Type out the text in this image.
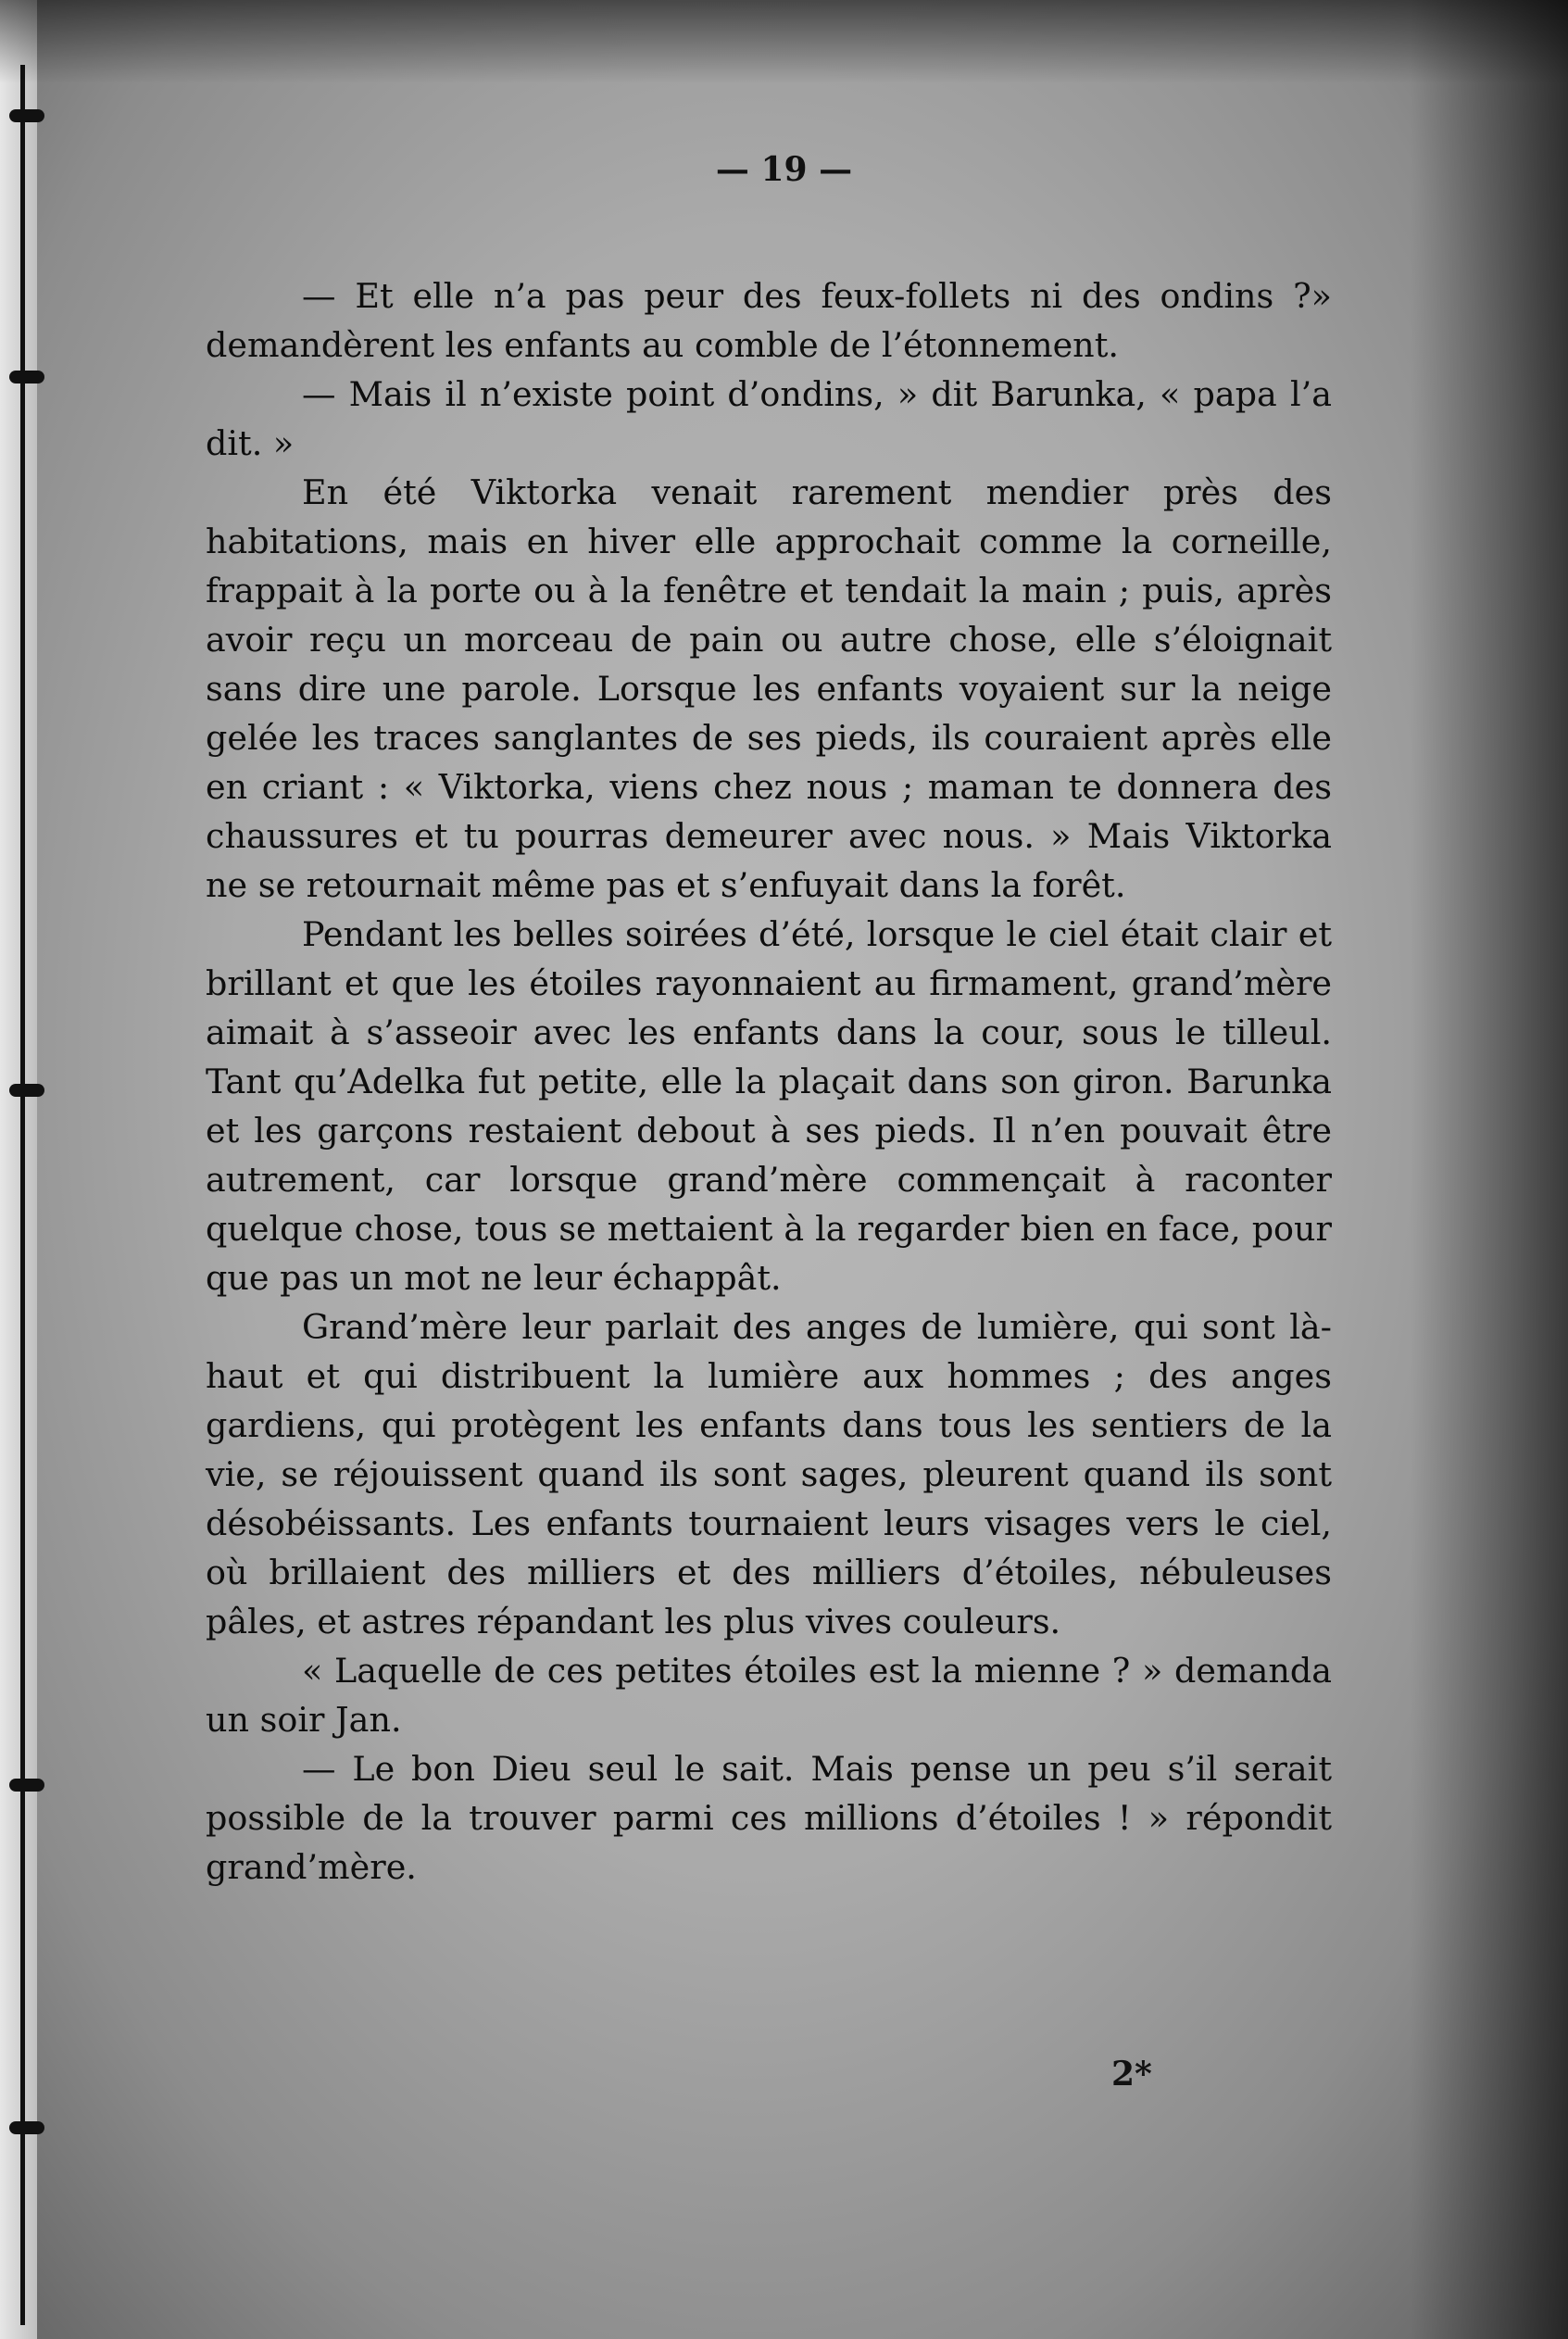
— 19 —

— Et elle n’a pas peur des feux-follets ni des ondins ?» demandèrent les enfants au comble de l’étonnement.

— Mais il n’existe point d’ondins, » dit Barunka, « papa l’a dit. »

En été Viktorka venait rarement mendier près des habitations, mais en hiver elle approchait comme la corneille, frappait à la porte ou à la fenêtre et tendait la main ; puis, après avoir reçu un morceau de pain ou autre chose, elle s’éloignait sans dire une parole. Lorsque les enfants voyaient sur la neige gelée les traces sanglantes de ses pieds, ils couraient après elle en criant : « Viktorka, viens chez nous ; maman te donnera des chaussures et tu pourras demeurer avec nous. » Mais Viktorka ne se retournait même pas et s’enfuyait dans la forêt.

Pendant les belles soirées d’été, lorsque le ciel était clair et brillant et que les étoiles rayonnaient au firmament, grand’mère aimait à s’asseoir avec les enfants dans la cour, sous le tilleul. Tant qu’Adelka fut petite, elle la plaçait dans son giron. Barunka et les garçons restaient debout à ses pieds. Il n’en pouvait être autrement, car lorsque grand’mère commençait à raconter quelque chose, tous se mettaient à la regarder bien en face, pour que pas un mot ne leur échappât.

Grand’mère leur parlait des anges de lumière, qui sont là-haut et qui distribuent la lumière aux hommes ; des anges gardiens, qui protègent les enfants dans tous les sentiers de la vie, se réjouissent quand ils sont sages, pleurent quand ils sont désobéissants. Les enfants tournaient leurs visages vers le ciel, où brillaient des milliers et des milliers d’étoiles, nébuleuses pâles, et astres répandant les plus vives couleurs.

« Laquelle de ces petites étoiles est la mienne ? » demanda un soir Jan.

— Le bon Dieu seul le sait. Mais pense un peu s’il serait possible de la trouver parmi ces millions d’étoiles ! » répondit grand’mère.

2*
